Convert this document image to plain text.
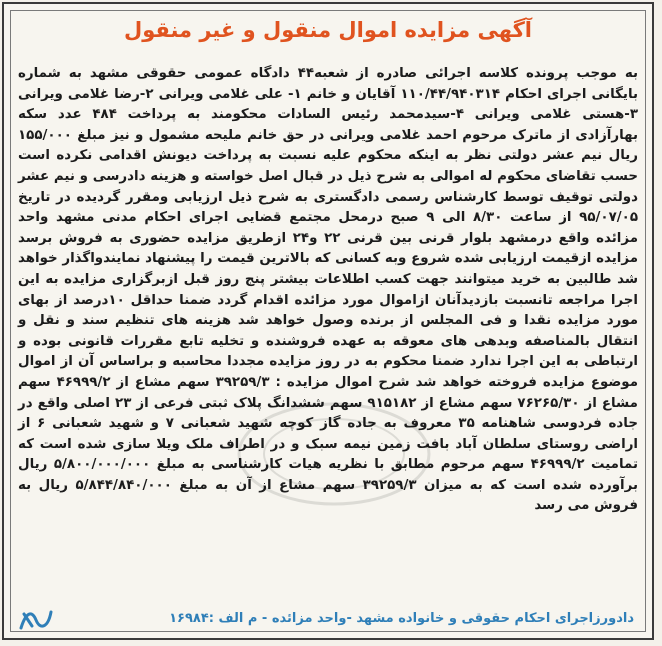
آگهی مزایده اموال منقول و غیر منقول
به موجب پرونده کلاسه اجرائی صادره از شعبه۴۴ دادگاه عمومی حقوقی مشهد به شماره بایگانی اجرای احکام ۱۱۰/۴۴/۹۴۰۳۱۴ آقایان و خانم ۱- علی غلامی ویرانی ۲-رضا غلامی ویرانی ۳-هستی غلامی ویرانی ۴-سیدمحمد رئیس السادات محکومند به پرداخت ۴۸۴ عدد سکه بهارآزادی از ماترک مرحوم احمد غلامی ویرانی در حق خانم ملیحه مشمول و نیز مبلغ ۱۵۵/۰۰۰ ریال نیم عشر دولتی نظر به اینکه محکوم علیه نسبت به پرداخت دیونش اقدامی نکرده است حسب تقاضای محکوم له اموالی به شرح ذیل در قبال اصل خواسته و هزینه دادرسی و نیم عشر دولتی توقیف توسط کارشناس رسمی دادگستری به شرح ذیل ارزیابی ومقرر گردیده در تاریخ ۹۵/۰۷/۰۵ از ساعت ۸/۳۰ الی ۹ صبح درمحل مجتمع قضایی اجرای احکام مدنی مشهد واحد مزائده واقع درمشهد بلوار قرنی بین قرنی ۲۲ و۲۴ ازطریق مزایده حضوری به فروش برسد مزایده ازقیمت ارزیابی شده شروع وبه کسانی که بالاترین قیمت را پیشنهاد نمایندواگذار خواهد شد طالبین به خرید میتوانند جهت کسب اطلاعات بیشتر پنج روز قبل ازبرگزاری مزایده به این اجرا مراجعه تانسبت بازدیدآنان ازاموال مورد مزائده اقدام گردد ضمنا حداقل ۱۰درصد از بهای مورد مزایده نقدا و فی المجلس از برنده وصول خواهد شد هزینه های تنظیم سند و نقل و انتقال بالمناصفه وبدهی های معوقه به عهده فروشنده و تخلیه تابع مقررات قانونی بوده و ارتباطی به این اجرا ندارد ضمنا محکوم به در روز مزایده مجددا محاسبه و براساس آن از اموال موضوع مزایده فروخته خواهد شد شرح اموال مزایده : ۳۹۲۵۹/۳ سهم مشاع از ۴۶۹۹۹/۲ سهم مشاع از ۷۶۲۶۵/۳۰ سهم مشاع از ۹۱۵۱۸۲ سهم ششدانگ پلاک ثبتی فرعی از ۲۳ اصلی واقع در جاده فردوسی شاهنامه ۳۵ معروف به جاده گاز کوچه شهید شعبانی ۷ و شهید شعبانی ۶ از اراضی روستای سلطان آباد بافت زمین نیمه سبک و در اطراف ملک ویلا سازی شده است که تمامیت ۴۶۹۹۹/۲ سهم مرحوم مطابق با نظریه هیات کارشناسی به مبلغ ۵/۸۰۰/۰۰۰/۰۰۰ ریال برآورده شده است که به میزان ۳۹۲۵۹/۳ سهم مشاع از آن به مبلغ ۵/۸۴۴/۸۴۰/۰۰۰ ریال به فروش می رسد
دادورزاجرای احکام حقوقی و خانواده مشهد -واحد مزائده - م الف :۱۶۹۸۴
